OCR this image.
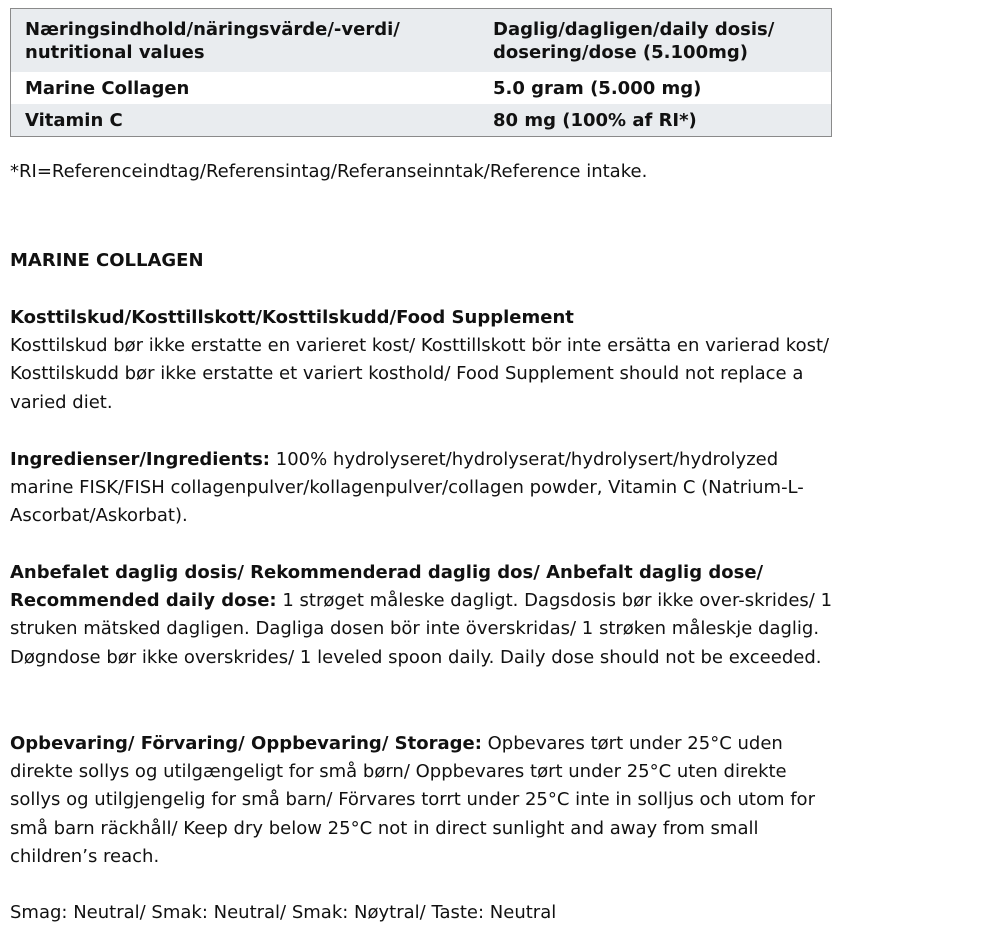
Næringsindhold/näringsvärde/-verdi/ nutritional values	Daglig/dagligen/daily dosis/ dosering/dose (5.100mg)
Marine Collagen	5.0 gram (5.000 mg)
Vitamin C	80 mg (100% af RI*)

*RI=Referenceindtag/Referensintag/Referanseinntak/Reference intake.

MARINE COLLAGEN

Kosttilskud/Kosttillskott/Kosttilskudd/Food Supplement
Kosttilskud bør ikke erstatte en varieret kost/ Kosttillskott bör inte ersätta en varierad kost/ Kosttilskudd bør ikke erstatte et variert kosthold/ Food Supplement should not replace a varied diet.

Ingredienser/Ingredients: 100% hydrolyseret/hydrolyserat/hydrolysert/hydrolyzed marine FISK/FISH collagenpulver/kollagenpulver/collagen powder, Vitamin C (Natrium-L-Ascorbat/Askorbat).

Anbefalet daglig dosis/ Rekommenderad daglig dos/ Anbefalt daglig dose/ Recommended daily dose: 1 strøget måleske dagligt. Dagsdosis bør ikke over-skrides/ 1 struken mätsked dagligen. Dagliga dosen bör inte överskridas/ 1 strøken måleskje daglig. Døgndose bør ikke overskrides/ 1 leveled spoon daily. Daily dose should not be exceeded.

Opbevaring/ Förvaring/ Oppbevaring/ Storage: Opbevares tørt under 25°C uden direkte sollys og utilgængeligt for små børn/ Oppbevares tørt under 25°C uten direkte sollys og utilgjengelig for små barn/ Förvares torrt under 25°C inte in solljus och utom for små barn räckhåll/ Keep dry below 25°C not in direct sunlight and away from small children’s reach.

Smag: Neutral/ Smak: Neutral/ Smak: Nøytral/ Taste: Neutral
